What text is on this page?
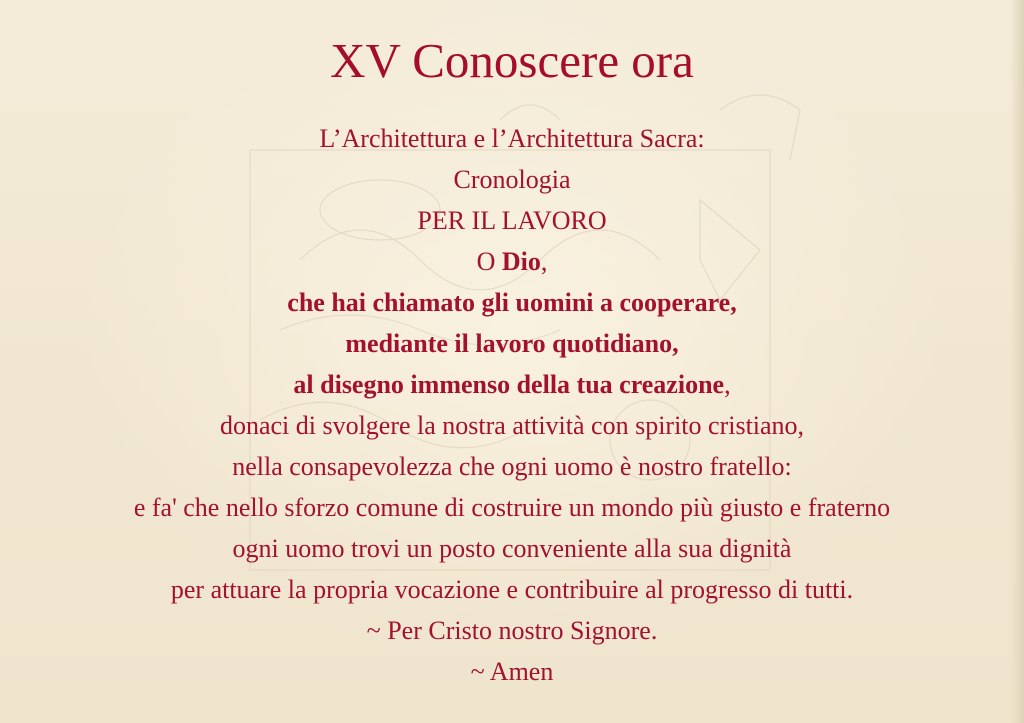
XV Conoscere ora
L’Architettura e l’Architettura Sacra:
Cronologia
PER IL LAVORO
O Dio,
che hai chiamato gli uomini a cooperare,
mediante il lavoro quotidiano,
al disegno immenso della tua creazione,
donaci di svolgere la nostra attività con spirito cristiano,
nella consapevolezza che ogni uomo è nostro fratello:
e fa' che nello sforzo comune di costruire un mondo più giusto e fraterno
ogni uomo trovi un posto conveniente alla sua dignità
per attuare la propria vocazione e contribuire al progresso di tutti.
~ Per Cristo nostro Signore.
~ Amen
